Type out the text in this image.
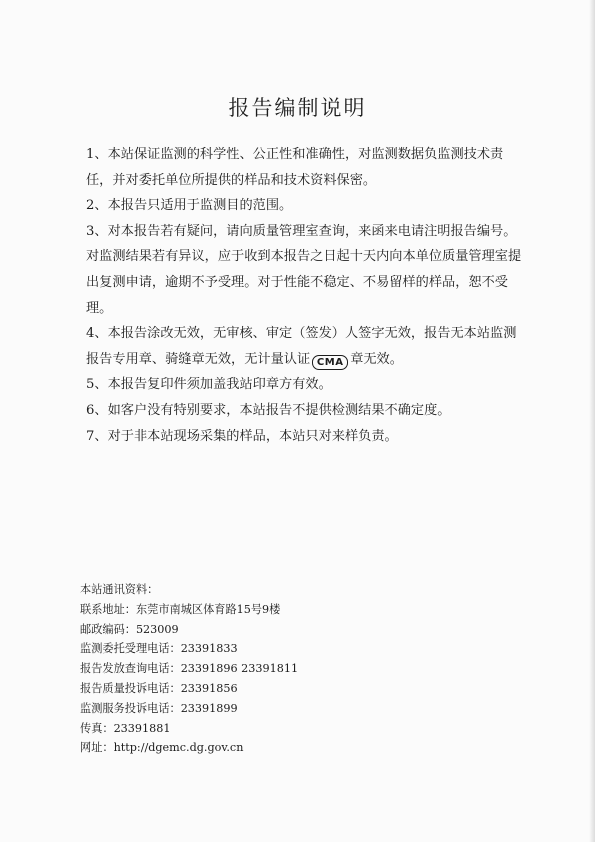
报告编制说明

1、本站保证监测的科学性、公正性和准确性，对监测数据负监测技术责任，并对委托单位所提供的样品和技术资料保密。

2、本报告只适用于监测目的范围。

3、对本报告若有疑问，请向质量管理室查询，来函来电请注明报告编号。对监测结果若有异议，应于收到本报告之日起十天内向本单位质量管理室提出复测申请，逾期不予受理。对于性能不稳定、不易留样的样品，恕不受理。

4、本报告涂改无效，无审核、审定（签发）人签字无效，报告无本站监测报告专用章、骑缝章无效，无计量认证 CMA 章无效。

5、本报告复印件须加盖我站印章方有效。

6、如客户没有特别要求，本站报告不提供检测结果不确定度。

7、对于非本站现场采集的样品，本站只对来样负责。

本站通讯资料：
联系地址：东莞市南城区体育路15号9楼
邮政编码：523009
监测委托受理电话：23391833
报告发放查询电话：23391896 23391811
报告质量投诉电话：23391856
监测服务投诉电话：23391899
传真：23391881
网址：http://dgemc.dg.gov.cn
